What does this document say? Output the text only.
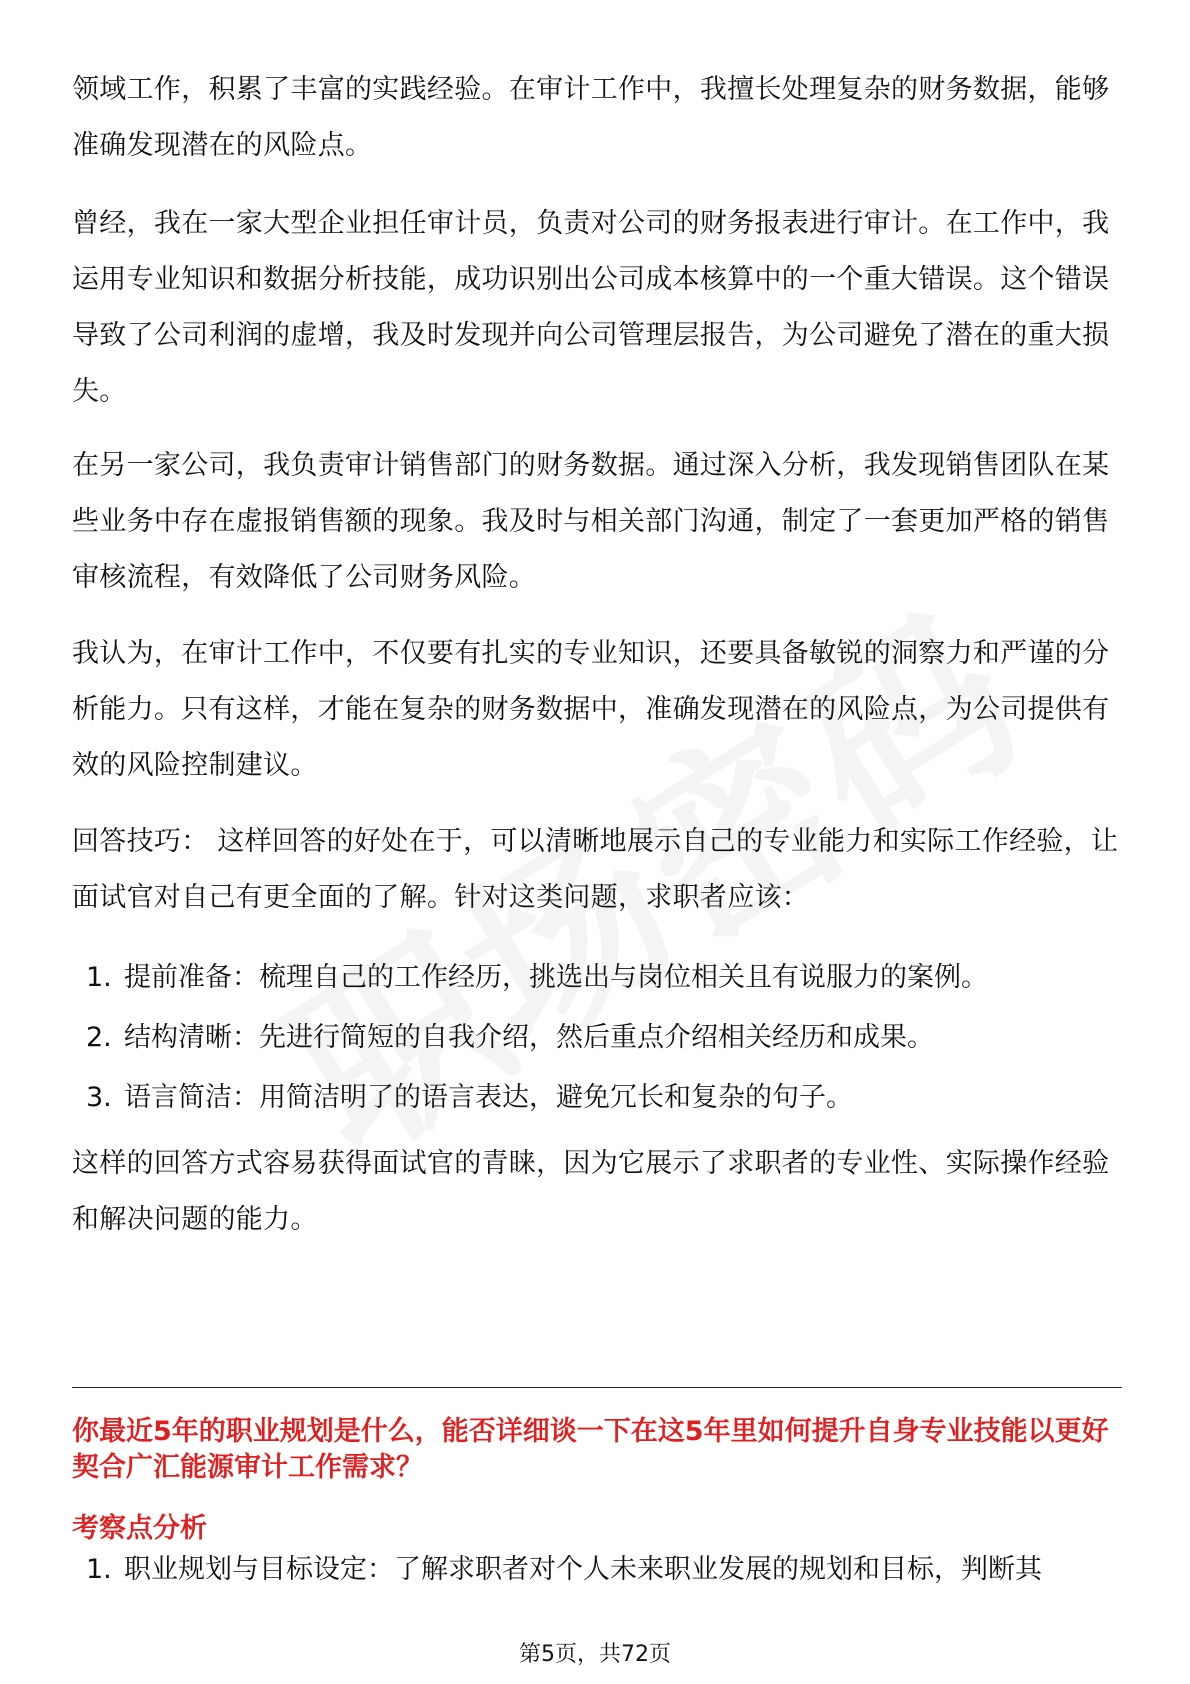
领域工作，积累了丰富的实践经验。在审计工作中，我擅长处理复杂的财务数据，能够准确发现潜在的风险点。

曾经，我在一家大型企业担任审计员，负责对公司的财务报表进行审计。在工作中，我运用专业知识和数据分析技能，成功识别出公司成本核算中的一个重大错误。这个错误导致了公司利润的虚增，我及时发现并向公司管理层报告，为公司避免了潜在的重大损失。

在另一家公司，我负责审计销售部门的财务数据。通过深入分析，我发现销售团队在某些业务中存在虚报销售额的现象。我及时与相关部门沟通，制定了一套更加严格的销售审核流程，有效降低了公司财务风险。

我认为，在审计工作中，不仅要有扎实的专业知识，还要具备敏锐的洞察力和严谨的分析能力。只有这样，才能在复杂的财务数据中，准确发现潜在的风险点，为公司提供有效的风险控制建议。

回答技巧： 这样回答的好处在于，可以清晰地展示自己的专业能力和实际工作经验，让面试官对自己有更全面的了解。针对这类问题，求职者应该：

1. 提前准备：梳理自己的工作经历，挑选出与岗位相关且有说服力的案例。
2. 结构清晰：先进行简短的自我介绍，然后重点介绍相关经历和成果。
3. 语言简洁：用简洁明了的语言表达，避免冗长和复杂的句子。

这样的回答方式容易获得面试官的青睐，因为它展示了求职者的专业性、实际操作经验和解决问题的能力。

你最近5年的职业规划是什么，能否详细谈一下在这5年里如何提升自身专业技能以更好契合广汇能源审计工作需求？

考察点分析

1. 职业规划与目标设定：了解求职者对个人未来职业发展的规划和目标，判断其
第5页，共72页
